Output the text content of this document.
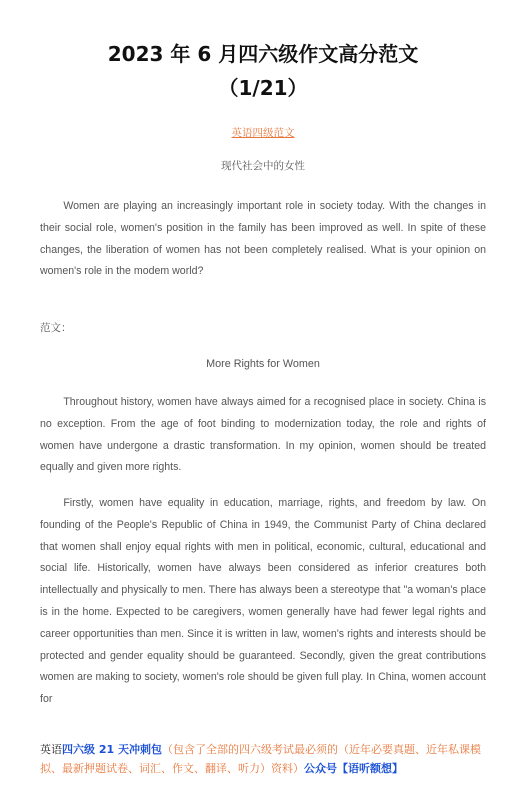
2023 年 6 月四六级作文高分范文
（1/21）
英语四级范文
现代社会中的女性

Women are playing an increasingly important role in society today. With the changes in their social role, women's position in the family has been improved as well. In spite of these changes, the liberation of women has not been completely realised. What is your opinion on women's role in the modem world?

范文：
More Rights for Women

Throughout history, women have always aimed for a recognised place in society. China is no exception. From the age of foot binding to modernization today, the role and rights of women have undergone a drastic transformation. In my opinion, women should be treated equally and given more rights.

Firstly, women have equality in education, marriage, rights, and freedom by law. On founding of the People's Republic of China in 1949, the Communist Party of China declared that women shall enjoy equal rights with men in political, economic, cultural, educational and social life. Historically, women have always been considered as inferior creatures both intellectually and physically to men. There has always been a stereotype that "a woman's place is in the home. Expected to be caregivers, women generally have had fewer legal rights and career opportunities than men. Since it is written in law, women's rights and interests should be protected and gender equality should be guaranteed. Secondly, given the great contributions women are making to society, women's role should be given full play. In China, women account for

英语四六级 21 天冲刺包（包含了全部的四六级考试最必须的（近年必要真题、近年私课模拟、最新押题试卷、词汇、作文、翻译、听力）资料）公众号【语听额想】
